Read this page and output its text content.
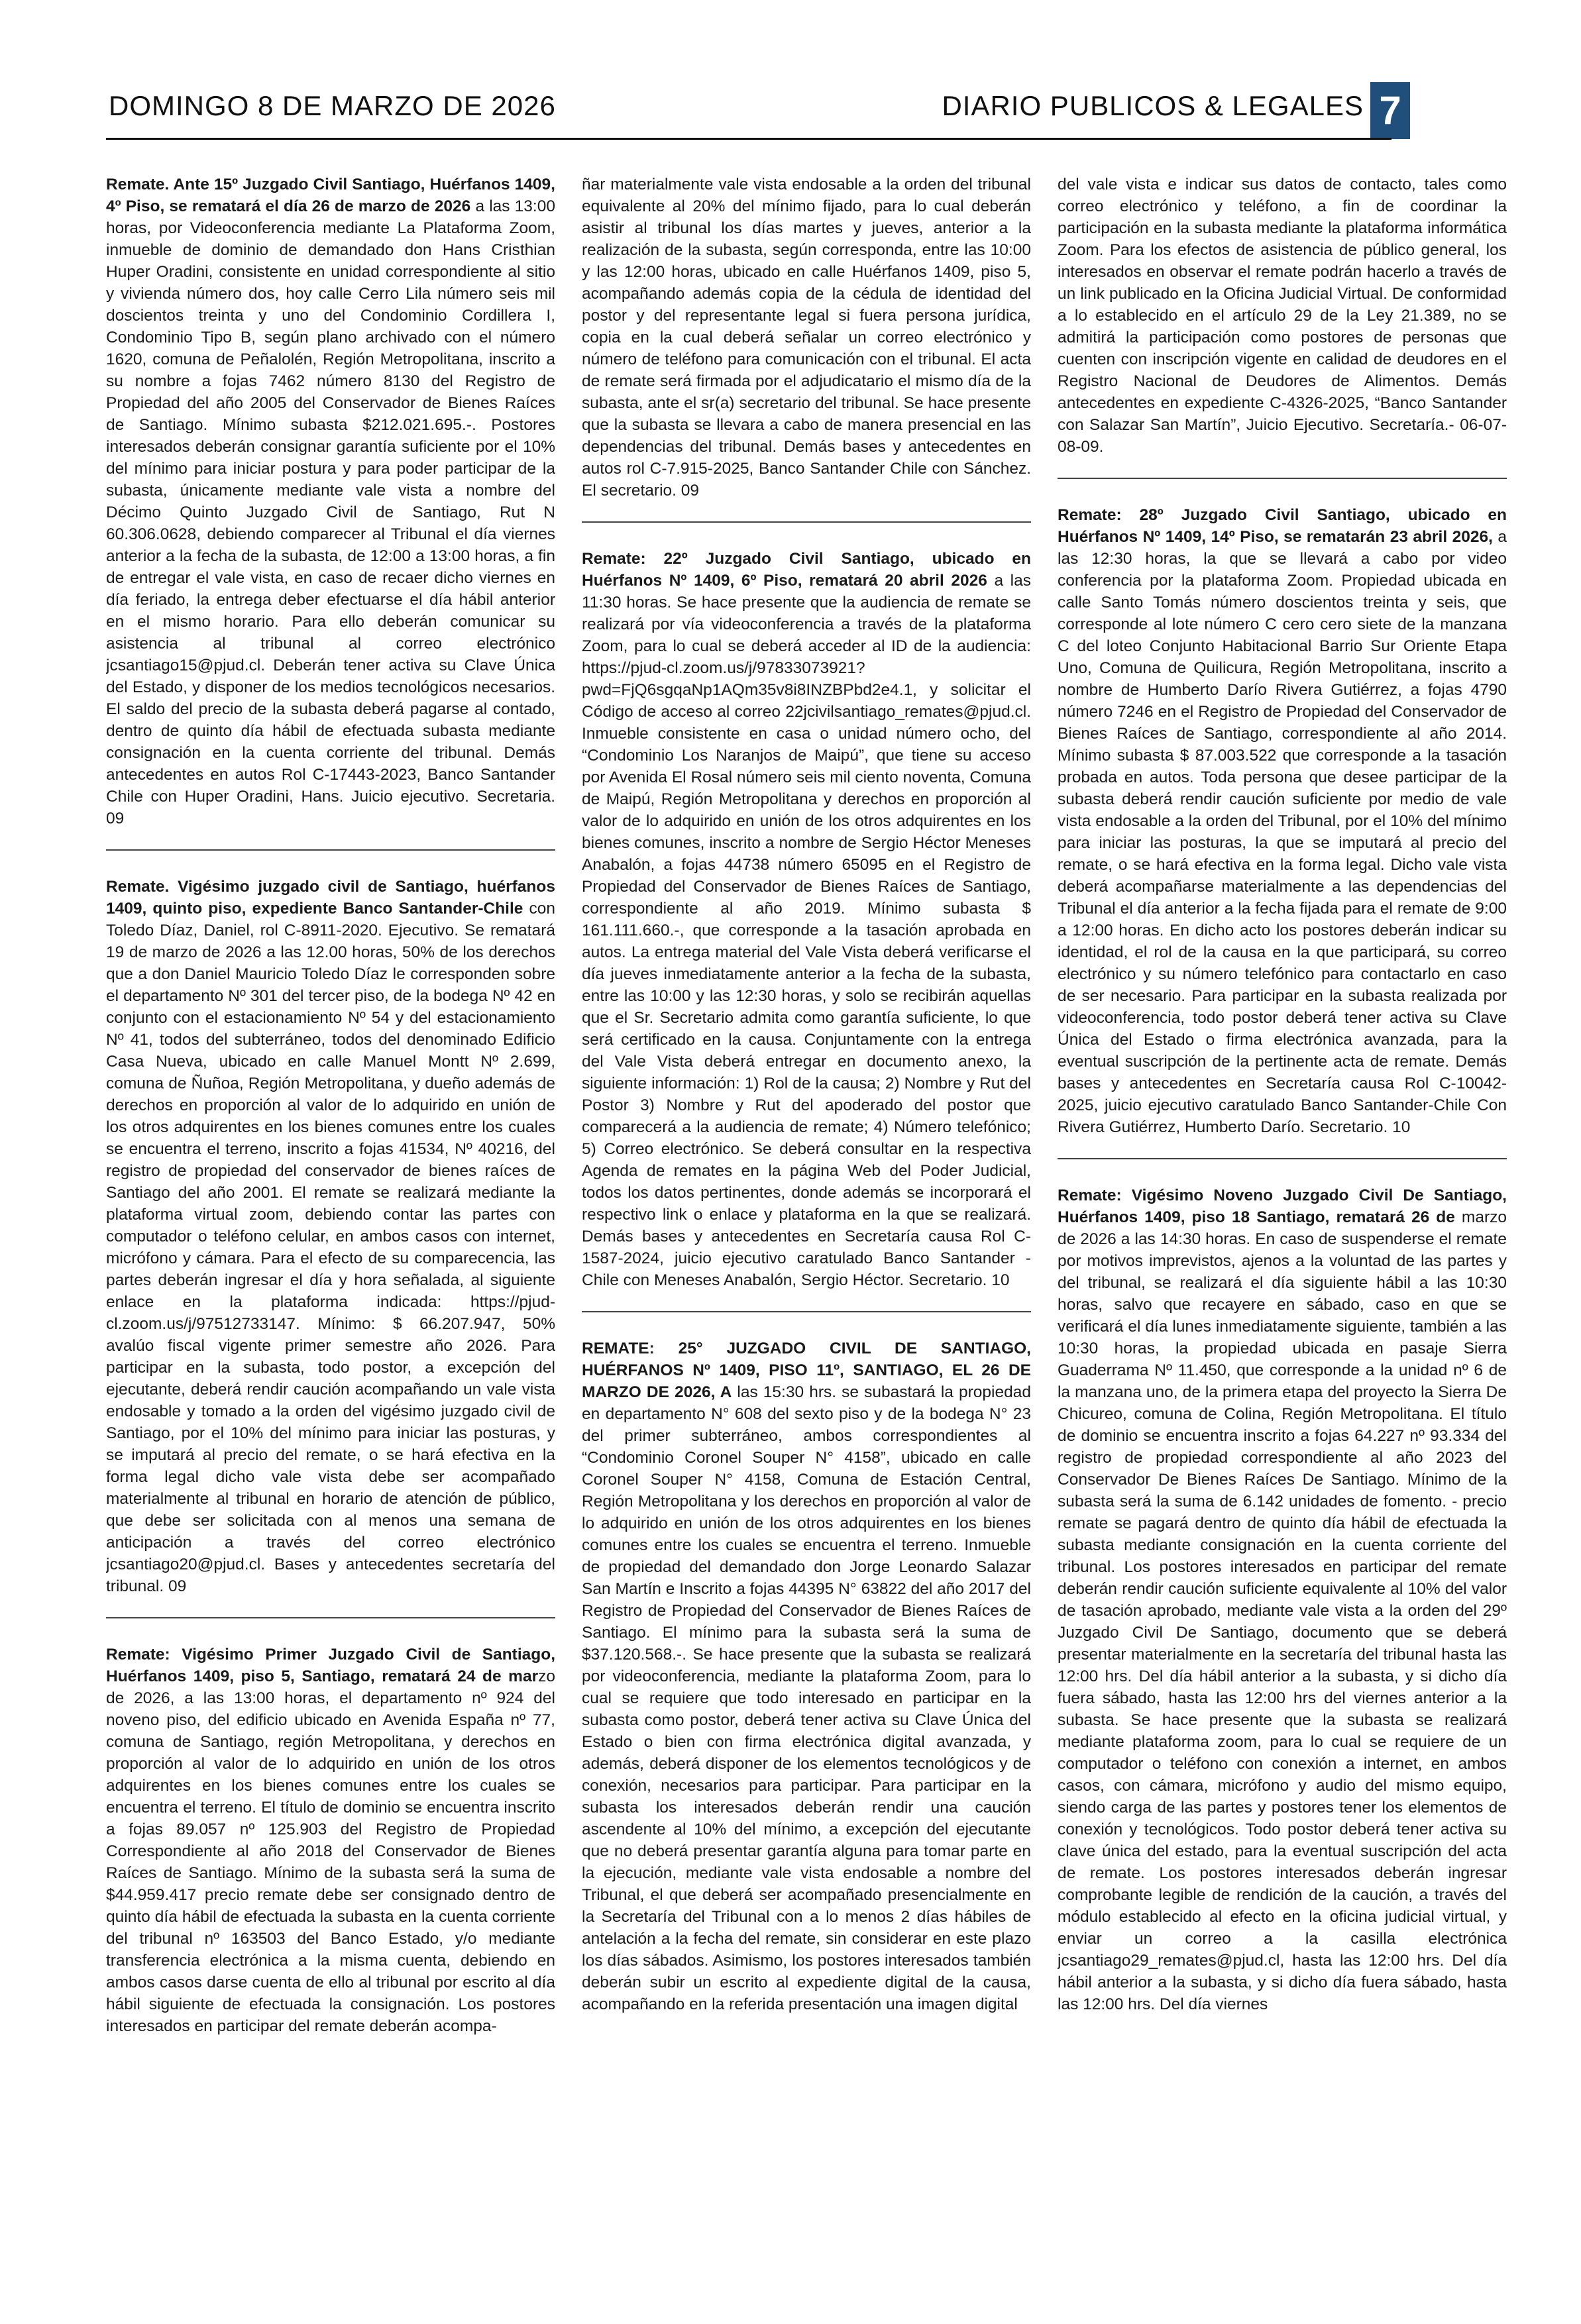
DOMINGO 8 DE MARZO DE 2026	DIARIO PUBLICOS & LEGALES 7
Remate. Ante 15º Juzgado Civil Santiago, Huérfanos 1409, 4º Piso, se rematará el día 26 de marzo de 2026 a las 13:00 horas, por Videoconferencia mediante La Plataforma Zoom, inmueble de dominio de demandado don Hans Cristhian Huper Oradini, consistente en unidad correspondiente al sitio y vivienda número dos, hoy calle Cerro Lila número seis mil doscientos treinta y uno del Condominio Cordillera I, Condominio Tipo B, según plano archivado con el número 1620, comuna de Peñalolén, Región Metropolitana, inscrito a su nombre a fojas 7462 número 8130 del Registro de Propiedad del año 2005 del Conservador de Bienes Raíces de Santiago. Mínimo subasta $212.021.695.-. Postores interesados deberán consignar garantía suficiente por el 10% del mínimo para iniciar postura y para poder participar de la subasta, únicamente mediante vale vista a nombre del Décimo Quinto Juzgado Civil de Santiago, Rut N 60.306.0628, debiendo comparecer al Tribunal el día viernes anterior a la fecha de la subasta, de 12:00 a 13:00 horas, a fin de entregar el vale vista, en caso de recaer dicho viernes en día feriado, la entrega deber efectuarse el día hábil anterior en el mismo horario. Para ello deberán comunicar su asistencia al tribunal al correo electrónico jcsantiago15@pjud.cl. Deberán tener activa su Clave Única del Estado, y disponer de los medios tecnológicos necesarios. El saldo del precio de la subasta deberá pagarse al contado, dentro de quinto día hábil de efectuada subasta mediante consignación en la cuenta corriente del tribunal. Demás antecedentes en autos Rol C-17443-2023, Banco Santander Chile con Huper Oradini, Hans. Juicio ejecutivo. Secretaria. 09
Remate. Vigésimo juzgado civil de Santiago, huérfanos 1409, quinto piso, expediente Banco Santander-Chile con Toledo Díaz, Daniel, rol C-8911-2020. Ejecutivo. Se rematará 19 de marzo de 2026 a las 12.00 horas, 50% de los derechos que a don Daniel Mauricio Toledo Díaz le corresponden sobre el departamento Nº 301 del tercer piso, de la bodega Nº 42 en conjunto con el estacionamiento Nº 54 y del estacionamiento Nº 41, todos del subterráneo, todos del denominado Edificio Casa Nueva, ubicado en calle Manuel Montt Nº 2.699, comuna de Ñuñoa, Región Metropolitana, y dueño además de derechos en proporción al valor de lo adquirido en unión de los otros adquirentes en los bienes comunes entre los cuales se encuentra el terreno, inscrito a fojas 41534, Nº 40216, del registro de propiedad del conservador de bienes raíces de Santiago del año 2001. El remate se realizará mediante la plataforma virtual zoom, debiendo contar las partes con computador o teléfono celular, en ambos casos con internet, micrófono y cámara. Para el efecto de su comparecencia, las partes deberán ingresar el día y hora señalada, al siguiente enlace en la plataforma indicada: https://pjud-cl.zoom.us/j/97512733147. Mínimo: $ 66.207.947, 50% avalúo fiscal vigente primer semestre año 2026. Para participar en la subasta, todo postor, a excepción del ejecutante, deberá rendir caución acompañando un vale vista endosable y tomado a la orden del vigésimo juzgado civil de Santiago, por el 10% del mínimo para iniciar las posturas, y se imputará al precio del remate, o se hará efectiva en la forma legal dicho vale vista debe ser acompañado materialmente al tribunal en horario de atención de público, que debe ser solicitada con al menos una semana de anticipación a través del correo electrónico jcsantiago20@pjud.cl. Bases y antecedentes secretaría del tribunal. 09
Remate: Vigésimo Primer Juzgado Civil de Santiago, Huérfanos 1409, piso 5, Santiago, rematará 24 de marzo de 2026, a las 13:00 horas, el departamento nº 924 del noveno piso, del edificio ubicado en Avenida España nº 77, comuna de Santiago, región Metropolitana, y derechos en proporción al valor de lo adquirido en unión de los otros adquirentes en los bienes comunes entre los cuales se encuentra el terreno. El título de dominio se encuentra inscrito a fojas 89.057 nº 125.903 del Registro de Propiedad Correspondiente al año 2018 del Conservador de Bienes Raíces de Santiago. Mínimo de la subasta será la suma de $44.959.417 precio remate debe ser consignado dentro de quinto día hábil de efectuada la subasta en la cuenta corriente del tribunal nº 163503 del Banco Estado, y/o mediante transferencia electrónica a la misma cuenta, debiendo en ambos casos darse cuenta de ello al tribunal por escrito al día hábil siguiente de efectuada la consignación. Los postores interesados en participar del remate deberán acompa-
ñar materialmente vale vista endosable a la orden del tribunal equivalente al 20% del mínimo fijado, para lo cual deberán asistir al tribunal los días martes y jueves, anterior a la realización de la subasta, según corresponda, entre las 10:00 y las 12:00 horas, ubicado en calle Huérfanos 1409, piso 5, acompañando además copia de la cédula de identidad del postor y del representante legal si fuera persona jurídica, copia en la cual deberá señalar un correo electrónico y número de teléfono para comunicación con el tribunal. El acta de remate será firmada por el adjudicatario el mismo día de la subasta, ante el sr(a) secretario del tribunal. Se hace presente que la subasta se llevara a cabo de manera presencial en las dependencias del tribunal. Demás bases y antecedentes en autos rol C-7.915-2025, Banco Santander Chile con Sánchez. El secretario. 09
Remate: 22º Juzgado Civil Santiago, ubicado en Huérfanos Nº 1409, 6º Piso, rematará 20 abril 2026 a las 11:30 horas. Se hace presente que la audiencia de remate se realizará por vía videoconferencia a través de la plataforma Zoom, para lo cual se deberá acceder al ID de la audiencia: https://pjud-cl.zoom.us/j/97833073921?pwd=FjQ6sgqaNp1AQm35v8i8INZBPbd2e4.1, y solicitar el Código de acceso al correo 22jcivilsantiago_remates@pjud.cl. Inmueble consistente en casa o unidad número ocho, del “Condominio Los Naranjos de Maipú”, que tiene su acceso por Avenida El Rosal número seis mil ciento noventa, Comuna de Maipú, Región Metropolitana y derechos en proporción al valor de lo adquirido en unión de los otros adquirentes en los bienes comunes, inscrito a nombre de Sergio Héctor Meneses Anabalón, a fojas 44738 número 65095 en el Registro de Propiedad del Conservador de Bienes Raíces de Santiago, correspondiente al año 2019. Mínimo subasta $ 161.111.660.-, que corresponde a la tasación aprobada en autos. La entrega material del Vale Vista deberá verificarse el día jueves inmediatamente anterior a la fecha de la subasta, entre las 10:00 y las 12:30 horas, y solo se recibirán aquellas que el Sr. Secretario admita como garantía suficiente, lo que será certificado en la causa. Conjuntamente con la entrega del Vale Vista deberá entregar en documento anexo, la siguiente información: 1) Rol de la causa; 2) Nombre y Rut del Postor 3) Nombre y Rut del apoderado del postor que comparecerá a la audiencia de remate; 4) Número telefónico; 5) Correo electrónico. Se deberá consultar en la respectiva Agenda de remates en la página Web del Poder Judicial, todos los datos pertinentes, donde además se incorporará el respectivo link o enlace y plataforma en la que se realizará. Demás bases y antecedentes en Secretaría causa Rol C-1587-2024, juicio ejecutivo caratulado Banco Santander - Chile con Meneses Anabalón, Sergio Héctor. Secretario. 10
REMATE: 25° JUZGADO CIVIL DE SANTIAGO, HUÉRFANOS Nº 1409, PISO 11º, SANTIAGO, EL 26 DE MARZO DE 2026, A las 15:30 hrs. se subastará la propiedad en departamento N° 608 del sexto piso y de la bodega N° 23 del primer subterráneo, ambos correspondientes al “Condominio Coronel Souper N° 4158”, ubicado en calle Coronel Souper N° 4158, Comuna de Estación Central, Región Metropolitana y los derechos en proporción al valor de lo adquirido en unión de los otros adquirentes en los bienes comunes entre los cuales se encuentra el terreno. Inmueble de propiedad del demandado don Jorge Leonardo Salazar San Martín e Inscrito a fojas 44395 N° 63822 del año 2017 del Registro de Propiedad del Conservador de Bienes Raíces de Santiago. El mínimo para la subasta será la suma de $37.120.568.-. Se hace presente que la subasta se realizará por videoconferencia, mediante la plataforma Zoom, para lo cual se requiere que todo interesado en participar en la subasta como postor, deberá tener activa su Clave Única del Estado o bien con firma electrónica digital avanzada, y además, deberá disponer de los elementos tecnológicos y de conexión, necesarios para participar. Para participar en la subasta los interesados deberán rendir una caución ascendente al 10% del mínimo, a excepción del ejecutante que no deberá presentar garantía alguna para tomar parte en la ejecución, mediante vale vista endosable a nombre del Tribunal, el que deberá ser acompañado presencialmente en la Secretaría del Tribunal con a lo menos 2 días hábiles de antelación a la fecha del remate, sin considerar en este plazo los días sábados. Asimismo, los postores interesados también deberán subir un escrito al expediente digital de la causa, acompañando en la referida presentación una imagen digital
del vale vista e indicar sus datos de contacto, tales como correo electrónico y teléfono, a fin de coordinar la participación en la subasta mediante la plataforma informática Zoom. Para los efectos de asistencia de público general, los interesados en observar el remate podrán hacerlo a través de un link publicado en la Oficina Judicial Virtual. De conformidad a lo establecido en el artículo 29 de la Ley 21.389, no se admitirá la participación como postores de personas que cuenten con inscripción vigente en calidad de deudores en el Registro Nacional de Deudores de Alimentos. Demás antecedentes en expediente C-4326-2025, “Banco Santander con Salazar San Martín”, Juicio Ejecutivo. Secretaría.- 06-07-08-09.
Remate: 28º Juzgado Civil Santiago, ubicado en Huérfanos Nº 1409, 14º Piso, se rematarán 23 abril 2026, a las 12:30 horas, la que se llevará a cabo por video conferencia por la plataforma Zoom. Propiedad ubicada en calle Santo Tomás número doscientos treinta y seis, que corresponde al lote número C cero cero siete de la manzana C del loteo Conjunto Habitacional Barrio Sur Oriente Etapa Uno, Comuna de Quilicura, Región Metropolitana, inscrito a nombre de Humberto Darío Rivera Gutiérrez, a fojas 4790 número 7246 en el Registro de Propiedad del Conservador de Bienes Raíces de Santiago, correspondiente al año 2014. Mínimo subasta $ 87.003.522 que corresponde a la tasación probada en autos. Toda persona que desee participar de la subasta deberá rendir caución suficiente por medio de vale vista endosable a la orden del Tribunal, por el 10% del mínimo para iniciar las posturas, la que se imputará al precio del remate, o se hará efectiva en la forma legal. Dicho vale vista deberá acompañarse materialmente a las dependencias del Tribunal el día anterior a la fecha fijada para el remate de 9:00 a 12:00 horas. En dicho acto los postores deberán indicar su identidad, el rol de la causa en la que participará, su correo electrónico y su número telefónico para contactarlo en caso de ser necesario. Para participar en la subasta realizada por videoconferencia, todo postor deberá tener activa su Clave Única del Estado o firma electrónica avanzada, para la eventual suscripción de la pertinente acta de remate. Demás bases y antecedentes en Secretaría causa Rol C-10042-2025, juicio ejecutivo caratulado Banco Santander-Chile Con Rivera Gutiérrez, Humberto Darío. Secretario. 10
Remate: Vigésimo Noveno Juzgado Civil De Santiago, Huérfanos 1409, piso 18 Santiago, rematará 26 de marzo de 2026 a las 14:30 horas. En caso de suspenderse el remate por motivos imprevistos, ajenos a la voluntad de las partes y del tribunal, se realizará el día siguiente hábil a las 10:30 horas, salvo que recayere en sábado, caso en que se verificará el día lunes inmediatamente siguiente, también a las 10:30 horas, la propiedad ubicada en pasaje Sierra Guaderrama Nº 11.450, que corresponde a la unidad nº 6 de la manzana uno, de la primera etapa del proyecto la Sierra De Chicureo, comuna de Colina, Región Metropolitana. El título de dominio se encuentra inscrito a fojas 64.227 nº 93.334 del registro de propiedad correspondiente al año 2023 del Conservador De Bienes Raíces De Santiago. Mínimo de la subasta será la suma de 6.142 unidades de fomento. - precio remate se pagará dentro de quinto día hábil de efectuada la subasta mediante consignación en la cuenta corriente del tribunal. Los postores interesados en participar del remate deberán rendir caución suficiente equivalente al 10% del valor de tasación aprobado, mediante vale vista a la orden del 29º Juzgado Civil De Santiago, documento que se deberá presentar materialmente en la secretaría del tribunal hasta las 12:00 hrs. Del día hábil anterior a la subasta, y si dicho día fuera sábado, hasta las 12:00 hrs del viernes anterior a la subasta. Se hace presente que la subasta se realizará mediante plataforma zoom, para lo cual se requiere de un computador o teléfono con conexión a internet, en ambos casos, con cámara, micrófono y audio del mismo equipo, siendo carga de las partes y postores tener los elementos de conexión y tecnológicos. Todo postor deberá tener activa su clave única del estado, para la eventual suscripción del acta de remate. Los postores interesados deberán ingresar comprobante legible de rendición de la caución, a través del módulo establecido al efecto en la oficina judicial virtual, y enviar un correo a la casilla electrónica jcsantiago29_remates@pjud.cl, hasta las 12:00 hrs. Del día hábil anterior a la subasta, y si dicho día fuera sábado, hasta las 12:00 hrs. Del día viernes
